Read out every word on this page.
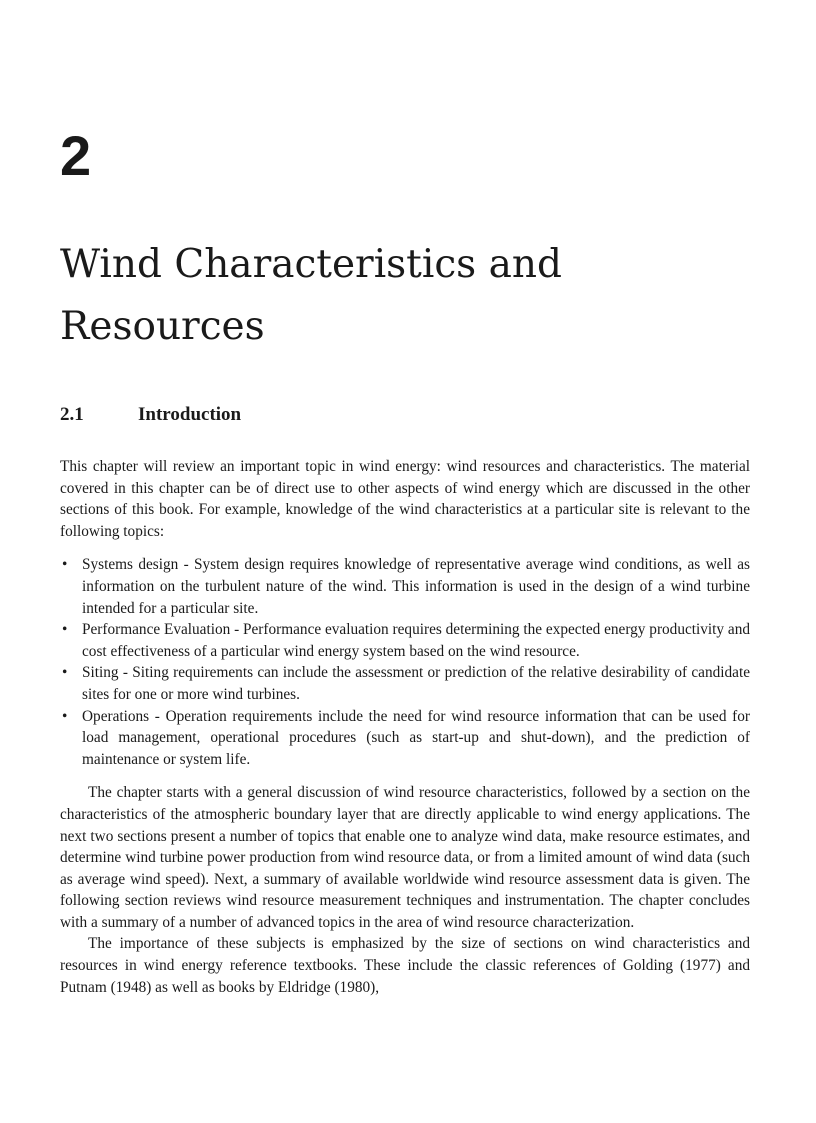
2
Wind Characteristics and Resources
2.1	Introduction

This chapter will review an important topic in wind energy: wind resources and characteristics. The material covered in this chapter can be of direct use to other aspects of wind energy which are discussed in the other sections of this book. For example, knowledge of the wind characteristics at a particular site is relevant to the following topics:

• Systems design - System design requires knowledge of representative average wind conditions, as well as information on the turbulent nature of the wind. This information is used in the design of a wind turbine intended for a particular site.
• Performance Evaluation - Performance evaluation requires determining the expected energy productivity and cost effectiveness of a particular wind energy system based on the wind resource.
• Siting - Siting requirements can include the assessment or prediction of the relative desirability of candidate sites for one or more wind turbines.
• Operations - Operation requirements include the need for wind resource information that can be used for load management, operational procedures (such as start-up and shut-down), and the prediction of maintenance or system life.

The chapter starts with a general discussion of wind resource characteristics, followed by a section on the characteristics of the atmospheric boundary layer that are directly applicable to wind energy applications. The next two sections present a number of topics that enable one to analyze wind data, make resource estimates, and determine wind turbine power production from wind resource data, or from a limited amount of wind data (such as average wind speed). Next, a summary of available worldwide wind resource assessment data is given. The following section reviews wind resource measurement techniques and instrumentation. The chapter concludes with a summary of a number of advanced topics in the area of wind resource characterization.

The importance of these subjects is emphasized by the size of sections on wind characteristics and resources in wind energy reference textbooks. These include the classic references of Golding (1977) and Putnam (1948) as well as books by Eldridge (1980),
